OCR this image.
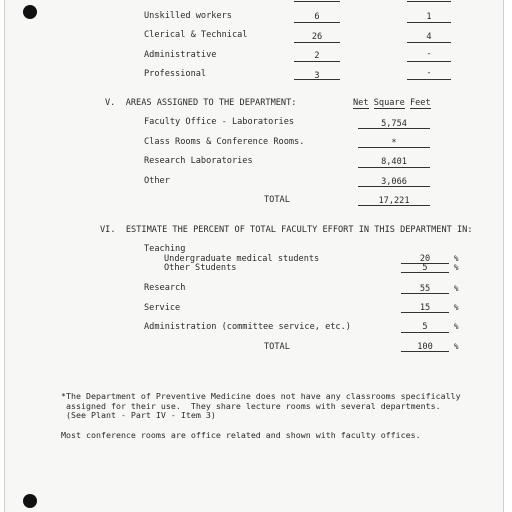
Unskilled workers	6	1
Clerical & Technical	26	4
Administrative	2	-
Professional	3	-
V.  AREAS ASSIGNED TO THE DEPARTMENT:	Net Square Feet
Faculty Office - Laboratories	5,754
Class Rooms & Conference Rooms.	*
Research Laboratories	8,401
Other	3,066
TOTAL	17,221
VI.  ESTIMATE THE PERCENT OF TOTAL FACULTY EFFORT IN THIS DEPARTMENT IN:
Teaching
Undergraduate medical students	20	%
Other Students	5	%
Research	55	%
Service	15	%
Administration (committee service, etc.)	5	%
TOTAL	100	%
*The Department of Preventive Medicine does not have any classrooms specifically
assigned for their use.  They share lecture rooms with several departments.
(See Plant - Part IV - Item 3)
Most conference rooms are office related and shown with faculty offices.
